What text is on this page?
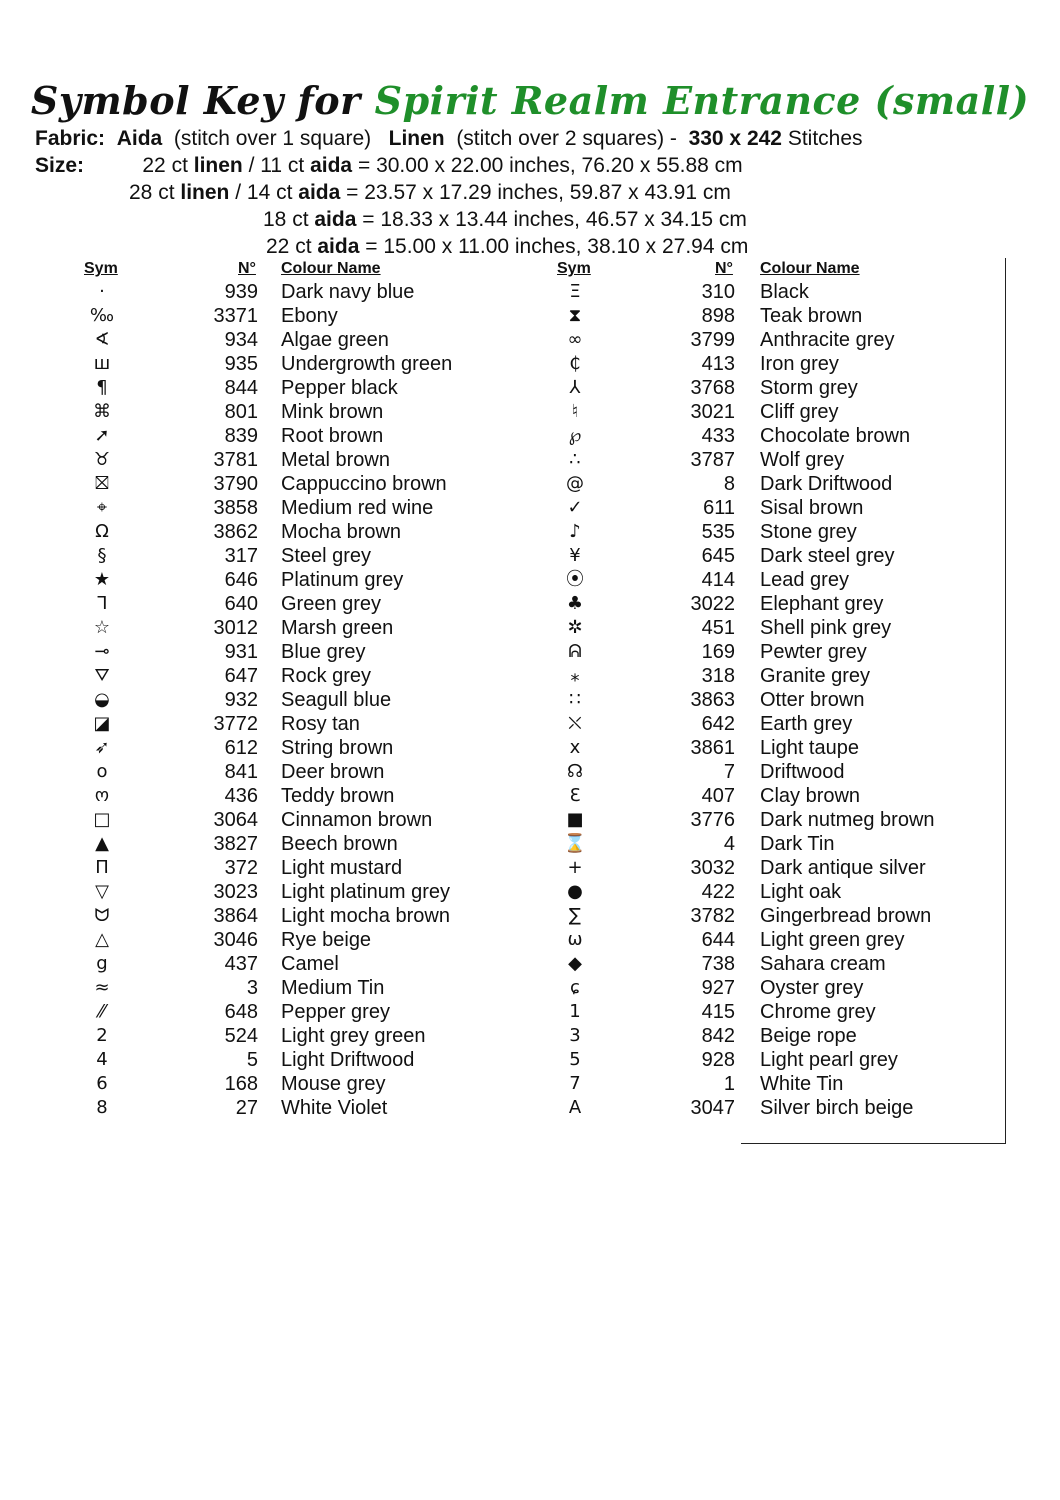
Symbol Key for Spirit Realm Entrance (small)
Fabric: Aida (stitch over 1 square) Linen (stitch over 2 squares) - 330 x 242 Stitches
Size:	22 ct linen / 11 ct aida = 30.00 x 22.00 inches, 76.20 x 55.88 cm
28 ct linen / 14 ct aida = 23.57 x 17.29 inches, 59.87 x 43.91 cm
18 ct aida = 18.33 x 13.44 inches, 46.57 x 34.15 cm
22 ct aida = 15.00 x 11.00 inches, 38.10 x 27.94 cm
Sym	N° Colour Name	Sym	N° Colour Name
·	939 Dark navy blue
‰	3371 Ebony
∢	934 Algae green
ш	935 Undergrowth green
¶	844 Pepper black
⌘	801 Mink brown
➚	839 Root brown
♉	3781 Metal brown
⛝	3790 Cappuccino brown
⌖	3858 Medium red wine
Ω	3862 Mocha brown
§	317 Steel grey
★	646 Platinum grey
ᒣ	640 Green grey
☆	3012 Marsh green
⊸	931 Blue grey
⛛	647 Rock grey
◒	932 Seagull blue
◪	3772 Rosy tan
➶	612 String brown
o	841 Deer brown
ო	436 Teddy brown
□	3064 Cinnamon brown
▲	3827 Beech brown
Π	372 Light mustard
▽	3023 Light platinum grey
ᗢ	3864 Light mocha brown
△	3046 Rye beige
g	437 Camel
≈	3 Medium Tin
⁄⁄	648 Pepper grey
2	524 Light grey green
4	5 Light Driftwood
6	168 Mouse grey
8	27 White Violet
Ξ	310 Black
⧗	898 Teak brown
∞	3799 Anthracite grey
₵	413 Iron grey
⅄	3768 Storm grey
♮	3021 Cliff grey
℘	433 Chocolate brown
∴	3787 Wolf grey
@	8 Dark Driftwood
✓	611 Sisal brown
♪	535 Stone grey
¥	645 Dark steel grey
⦿	414 Lead grey
♣	3022 Elephant grey
✲	451 Shell pink grey
ᕱ	169 Pewter grey
⁎	318 Granite grey
∷	3863 Otter brown
⛌	642 Earth grey
x	3861 Light taupe
☊	7 Driftwood
Ɛ	407 Clay brown
■	3776 Dark nutmeg brown
⌛	4 Dark Tin
+	3032 Dark antique silver
●	422 Light oak
∑	3782 Gingerbread brown
ω	644 Light green grey
◆	738 Sahara cream
ɕ	927 Oyster grey
1	415 Chrome grey
3	842 Beige rope
5	928 Light pearl grey
7	1 White Tin
A	3047 Silver birch beige
